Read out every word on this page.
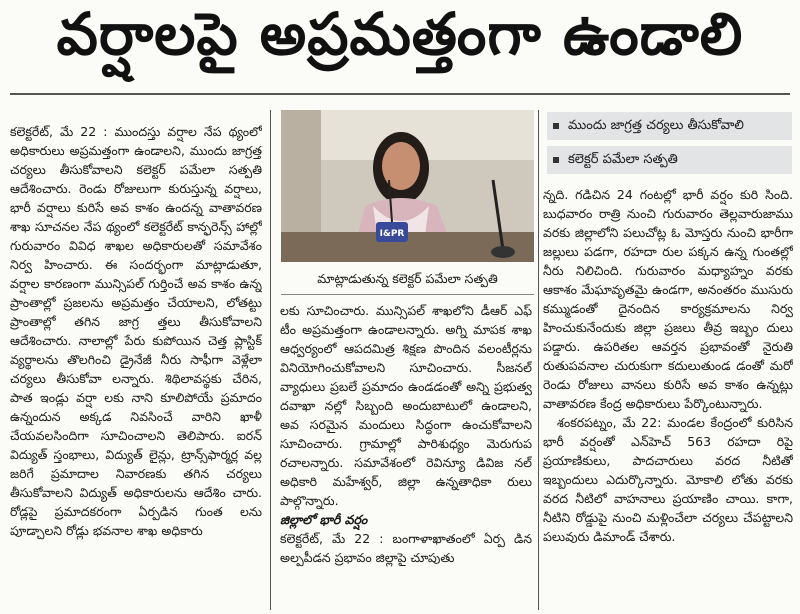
వర్షాలపై అప్రమత్తంగా ఉండాలి

కలెక్టరేట్, మే 22 : ముందస్తు వర్షాల నేప థ్యంలో అధికారులు అప్రమత్తంగా ఉండాలని, ముందు జాగ్రత్త చర్యలు తీసుకోవాలని కలెక్టర్ పమేలా సత్పతి ఆదేశించారు. రెండు రోజులుగా కురుస్తున్న వర్షాలు, భారీ వర్షాలు కురిసే అవ కాశం ఉందన్న వాతావరణ శాఖ సూచనల నేప థ్యంలో కలెక్టరేట్ కాన్ఫరెన్స్ హాల్లో గురువారం వివిధ శాఖల అధికారులతో సమావేశం నిర్వ హించారు. ఈ సందర్భంగా మాట్లాడుతూ, వర్షాల కారణంగా మున్సిపల్ గుర్తించే అవ కాశం ఉన్న ప్రాంతాల్లో ప్రజలను అప్రమత్తం చేయాలని, లోతట్టు ప్రాంతాల్లో తగిన జాగ్ర త్తలు తీసుకోవాలని ఆదేశించారు. నాలాల్లో పేరు కుపోయిన చెత్త ప్లాస్టిక్ వ్యర్థాలను తొలగించి డ్రైనేజీ నీరు సాఫీగా వెళ్లేలా చర్యలు తీసుకోవా లన్నారు. శిథిలావస్థకు చేరిన, పాత ఇండ్లు వర్షా లకు నాని కూలిపోయే ప్రమాదం ఉన్నందున అక్కడ నివసించే వారిని ఖాళీ చేయవలసిందిగా సూచించాలని తెలిపారు. ఐరన్ విద్యుత్ స్తంభాలు, విద్యుత్ లైన్లు, ట్రాన్స్‌ఫార్మర్ల వల్ల జరిగే ప్రమాదాల నివారణకు తగిన చర్యలు తీసుకోవాలని విద్యుత్ అధికారులను ఆదేశిం చారు. రోడ్లపై ప్రమాదకరంగా ఏర్పడిన గుంత లను పూడ్చాలని రోడ్లు భవనాల శాఖ అధికారు

I&PR
మాట్లాడుతున్న కలెక్టర్ పమేలా సత్పతి

లకు సూచించారు. మున్సిపల్ శాఖలోని డీఆర్ ఎఫ్ టీం అప్రమత్తంగా ఉండాలన్నారు. అగ్ని మాపక శాఖ ఆధ్వర్యంలో ఆపదమిత్ర శిక్షణ పొందిన వలంటీర్లను వినియోగించుకోవాలని సూచించారు. సీజనల్ వ్యాధులు ప్రబలే ప్రమాదం ఉండడంతో అన్ని ప్రభుత్వ దవాఖా నల్లో సిబ్బంది అందుబాటులో ఉండాలని, అవ సరమైన మందులు సిద్ధంగా ఉంచుకోవాలని సూచించారు. గ్రామాల్లో పారిశుధ్యం మెరుగుప రచాలన్నారు. సమావేశంలో రెవిన్యూ డివిజ నల్ అధికారి మహేశ్వర్, జిల్లా ఉన్నతాధికా రులు పాల్గొన్నారు.

జిల్లాలో భారీ వర్షం

కలెక్టరేట్, మే 22 : బంగాళాఖాతంలో ఏర్ప డిన అల్పపీడన ప్రభావం జిల్లాపై చూపుతు

ముందు జాగ్రత్త చర్యలు తీసుకోవాలి
కలెక్టర్ పమేలా సత్పతి

న్నది. గడిచిన 24 గంటల్లో భారీ వర్షం కురి సింది. బుధవారం రాత్రి నుంచి గురువారం తెల్లవారుజాము వరకు జిల్లాలోని పలుచోట్ల ఓ మోస్తరు నుంచి భారీగా జల్లులు పడగా, రహదా రుల పక్కన ఉన్న గుంతల్లో నీరు నిలిచింది. గురువారం మధ్యాహ్నం వరకు ఆకాశం మేఘావృతమై ఉండగా, అనంతరం ముసురు కమ్ముడంతో దైనందిన కార్యక్రమాలను నిర్వ హించుకునేందుకు జిల్లా ప్రజలు తీవ్ర ఇబ్బం దులు పడ్డారు. ఉపరితల ఆవర్తన ప్రభావంతో నైరుతి రుతుపవనాల చురుకుగా కదులుతుండ డంతో మరో రెండు రోజులు వానలు కురిసే అవ కాశం ఉన్నట్లు వాతావరణ కేంద్ర అధికారులు పేర్కొంటున్నారు.

శంకరపట్నం, మే 22: మండల కేంద్రంలో కురిసిన భారీ వర్షంతో ఎన్‌హెచ్ 563 రహదా రిపై ప్రయాణికులు, పాదచారులు వరద నీటితో ఇబ్బందులు ఎదుర్కొన్నారు. మోకాలి లోతు వరకు వరద నీటిలో వాహనాలు ప్రయాణిం చాయి. కాగా, నీటిని రోడ్డుపై నుంచి మళ్లించేలా చర్యలు చేపట్టాలని పలువురు డిమాండ్ చేశారు.
